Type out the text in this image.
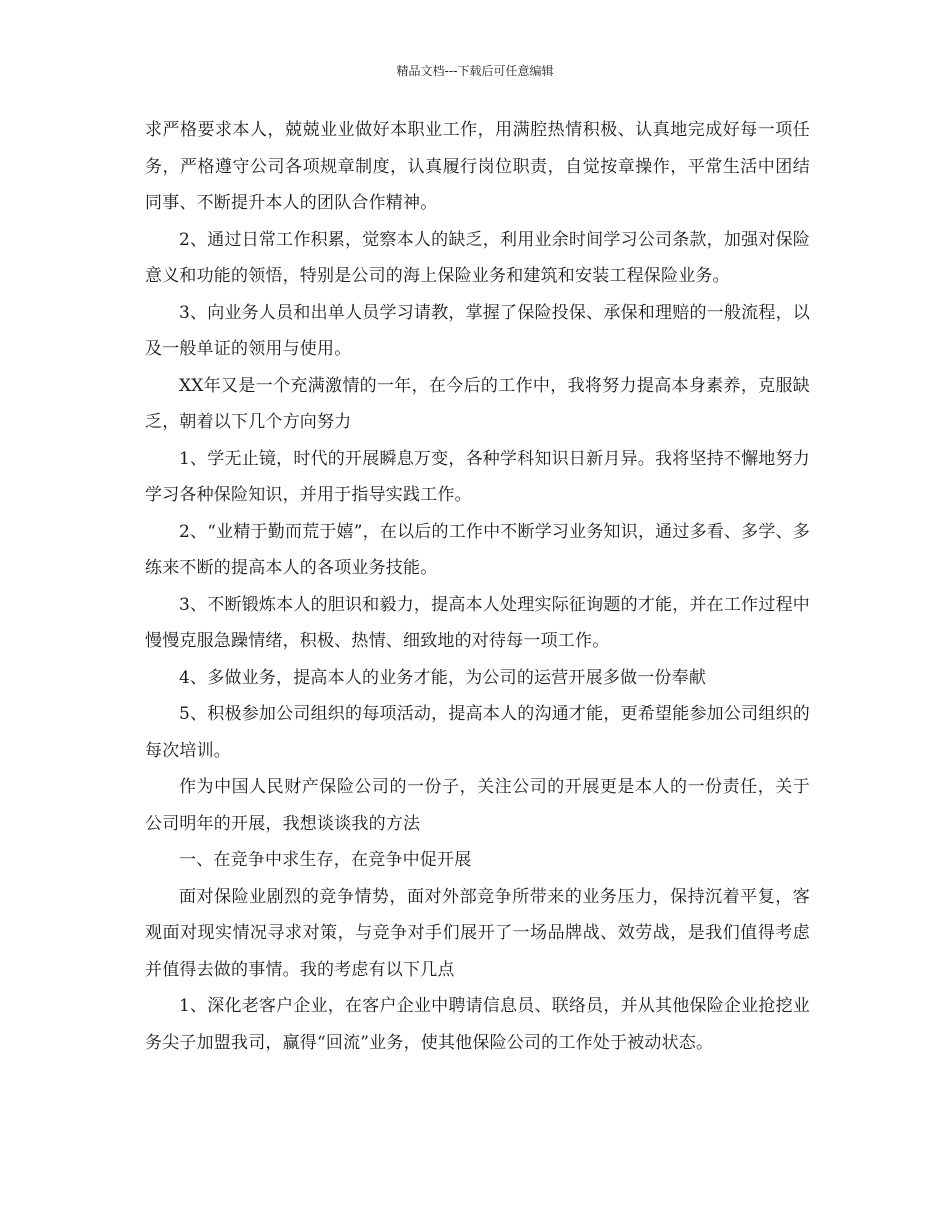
精品文档---下载后可任意编辑

求严格要求本人，兢兢业业做好本职业工作，用满腔热情积极、认真地完成好每一项任务，严格遵守公司各项规章制度，认真履行岗位职责，自觉按章操作，平常生活中团结同事、不断提升本人的团队合作精神。

2、通过日常工作积累，觉察本人的缺乏，利用业余时间学习公司条款，加强对保险意义和功能的领悟，特别是公司的海上保险业务和建筑和安装工程保险业务。

3、向业务人员和出单人员学习请教，掌握了保险投保、承保和理赔的一般流程，以及一般单证的领用与使用。

XX年又是一个充满激情的一年，在今后的工作中，我将努力提高本身素养，克服缺乏，朝着以下几个方向努力

1、学无止镜，时代的开展瞬息万变，各种学科知识日新月异。我将坚持不懈地努力学习各种保险知识，并用于指导实践工作。

2、“业精于勤而荒于嬉”，在以后的工作中不断学习业务知识，通过多看、多学、多练来不断的提高本人的各项业务技能。

3、不断锻炼本人的胆识和毅力，提高本人处理实际征询题的才能，并在工作过程中慢慢克服急躁情绪，积极、热情、细致地的对待每一项工作。

4、多做业务，提高本人的业务才能，为公司的运营开展多做一份奉献

5、积极参加公司组织的每项活动，提高本人的沟通才能，更希望能参加公司组织的每次培训。

作为中国人民财产保险公司的一份子，关注公司的开展更是本人的一份责任，关于公司明年的开展，我想谈谈我的方法

一、在竞争中求生存，在竞争中促开展

面对保险业剧烈的竞争情势，面对外部竞争所带来的业务压力，保持沉着平复，客观面对现实情况寻求对策，与竞争对手们展开了一场品牌战、效劳战，是我们值得考虑并值得去做的事情。我的考虑有以下几点

1、深化老客户企业，在客户企业中聘请信息员、联络员，并从其他保险企业抢挖业务尖子加盟我司，赢得“回流”业务，使其他保险公司的工作处于被动状态。
